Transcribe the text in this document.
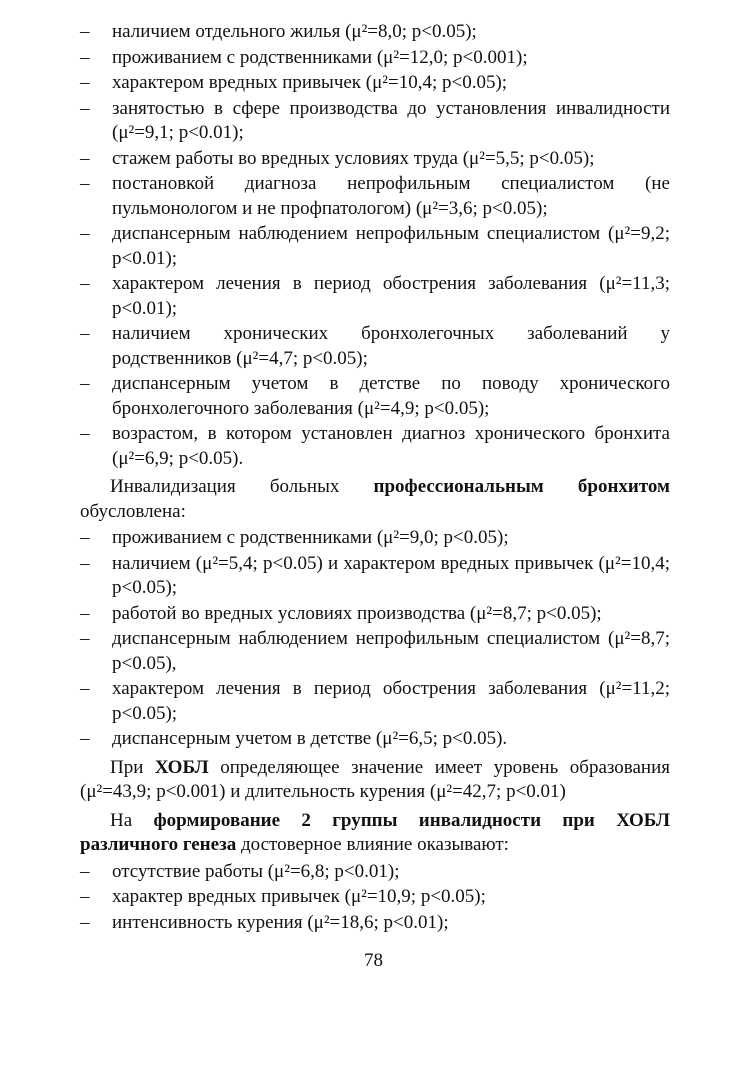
–	наличием отдельного жилья (μ²=8,0; p<0.05);
–	проживанием с родственниками (μ²=12,0; p<0.001);
–	характером вредных привычек (μ²=10,4; p<0.05);
–	занятостью в сфере производства до установления инвалидности (μ²=9,1; p<0.01);
–	стажем работы во вредных условиях труда (μ²=5,5; p<0.05);
–	постановкой диагноза непрофильным специалистом (не пульмонологом и не профпатологом) (μ²=3,6; p<0.05);
–	диспансерным наблюдением непрофильным специалистом (μ²=9,2; p<0.01);
–	характером лечения в период обострения заболевания (μ²=11,3; p<0.01);
–	наличием хронических бронхолегочных заболеваний у родственников (μ²=4,7; p<0.05);
–	диспансерным учетом в детстве по поводу хронического бронхолегочного заболевания (μ²=4,9; p<0.05);
–	возрастом, в котором установлен диагноз хронического бронхита (μ²=6,9; p<0.05).

Инвалидизация больных профессиональным бронхитом обусловлена:

–	проживанием с родственниками (μ²=9,0; p<0.05);
–	наличием (μ²=5,4; p<0.05) и характером вредных привычек (μ²=10,4; p<0.05);
–	работой во вредных условиях производства (μ²=8,7; p<0.05);
–	диспансерным наблюдением непрофильным специалистом (μ²=8,7; p<0.05),
–	характером лечения в период обострения заболевания (μ²=11,2; p<0.05);
–	диспансерным учетом в детстве (μ²=6,5; p<0.05).

При ХОБЛ определяющее значение имеет уровень образования (μ²=43,9; p<0.001) и длительность курения (μ²=42,7; p<0.01)

На формирование 2 группы инвалидности при ХОБЛ различного генеза достоверное влияние оказывают:

–	отсутствие работы (μ²=6,8; p<0.01);
–	характер вредных привычек (μ²=10,9; p<0.05);
–	интенсивность курения (μ²=18,6; p<0.01);
78
